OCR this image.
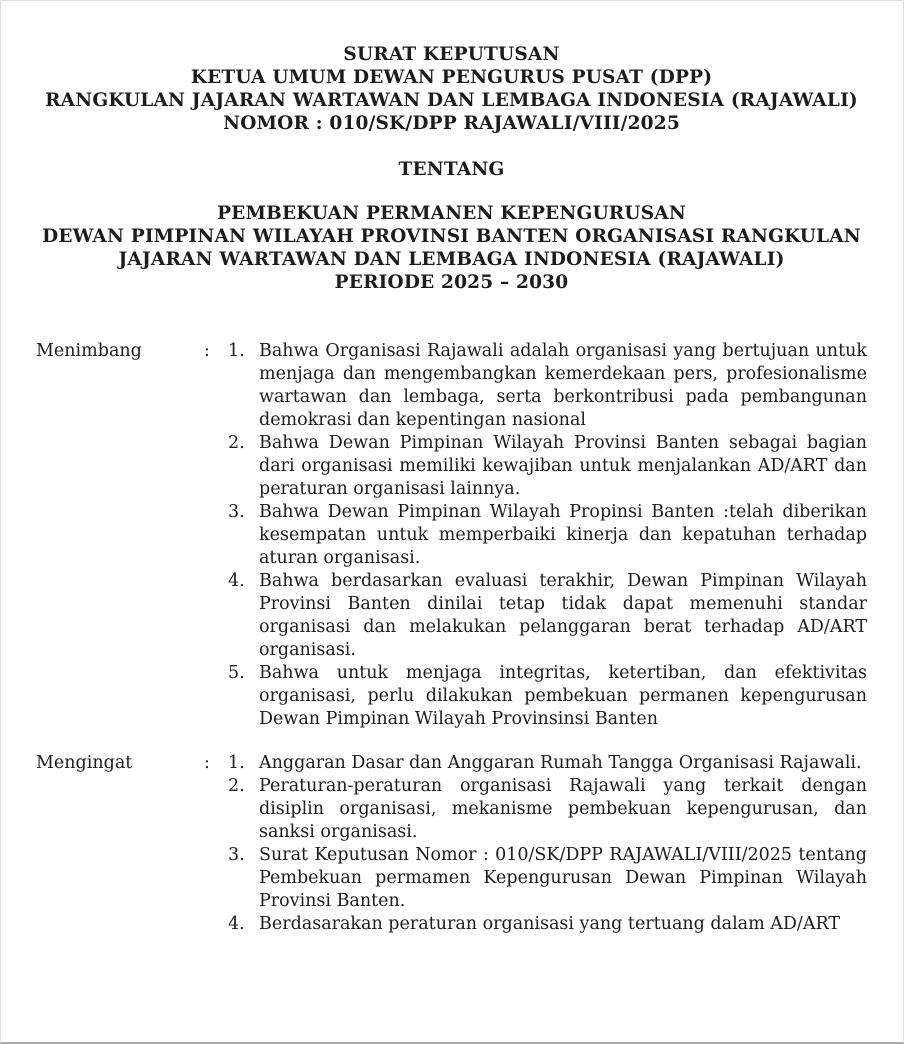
SURAT KEPUTUSAN
KETUA UMUM DEWAN PENGURUS PUSAT (DPP)
RANGKULAN JAJARAN WARTAWAN DAN LEMBAGA INDONESIA (RAJAWALI)
NOMOR : 010/SK/DPP RAJAWALI/VIII/2025
TENTANG
PEMBEKUAN PERMANEN KEPENGURUSAN
DEWAN PIMPINAN WILAYAH PROVINSI BANTEN ORGANISASI RANGKULAN
JAJARAN WARTAWAN DAN LEMBAGA INDONESIA (RAJAWALI)
PERIODE 2025 – 2030
Menimbang	:	1. Bahwa Organisasi Rajawali adalah organisasi yang bertujuan untuk menjaga dan mengembangkan kemerdekaan pers, profesionalisme wartawan dan lembaga, serta berkontribusi pada pembangunan demokrasi dan kepentingan nasional
2. Bahwa Dewan Pimpinan Wilayah Provinsi Banten sebagai bagian dari organisasi memiliki kewajiban untuk menjalankan AD/ART dan peraturan organisasi lainnya.
3. Bahwa Dewan Pimpinan Wilayah Propinsi Banten :telah diberikan kesempatan untuk memperbaiki kinerja dan kepatuhan terhadap aturan organisasi.
4. Bahwa berdasarkan evaluasi terakhir, Dewan Pimpinan Wilayah Provinsi Banten dinilai tetap tidak dapat memenuhi standar organisasi dan melakukan pelanggaran berat terhadap AD/ART organisasi.
5. Bahwa untuk menjaga integritas, ketertiban, dan efektivitas organisasi, perlu dilakukan pembekuan permanen kepengurusan Dewan Pimpinan Wilayah Provinsinsi Banten
Mengingat	:	1. Anggaran Dasar dan Anggaran Rumah Tangga Organisasi Rajawali.
2. Peraturan-peraturan organisasi Rajawali yang terkait dengan disiplin organisasi, mekanisme pembekuan kepengurusan, dan sanksi organisasi.
3. Surat Keputusan Nomor : 010/SK/DPP RAJAWALI/VIII/2025 tentang Pembekuan permamen Kepengurusan Dewan Pimpinan Wilayah Provinsi Banten.
4. Berdasarakan peraturan organisasi yang tertuang dalam AD/ART
